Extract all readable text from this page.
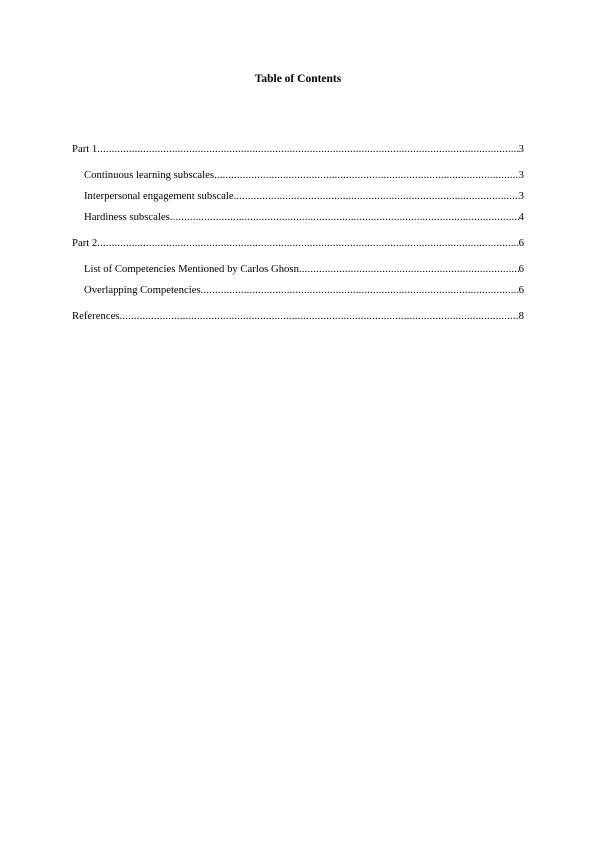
Table of Contents
Part 1 .....	3
Continuous learning subscales .....	3
Interpersonal engagement subscale .....	3
Hardiness subscales .....	4
Part 2 .....	6
List of Competencies Mentioned by Carlos Ghosn .....	6
Overlapping Competencies .....	6
References .....	8
